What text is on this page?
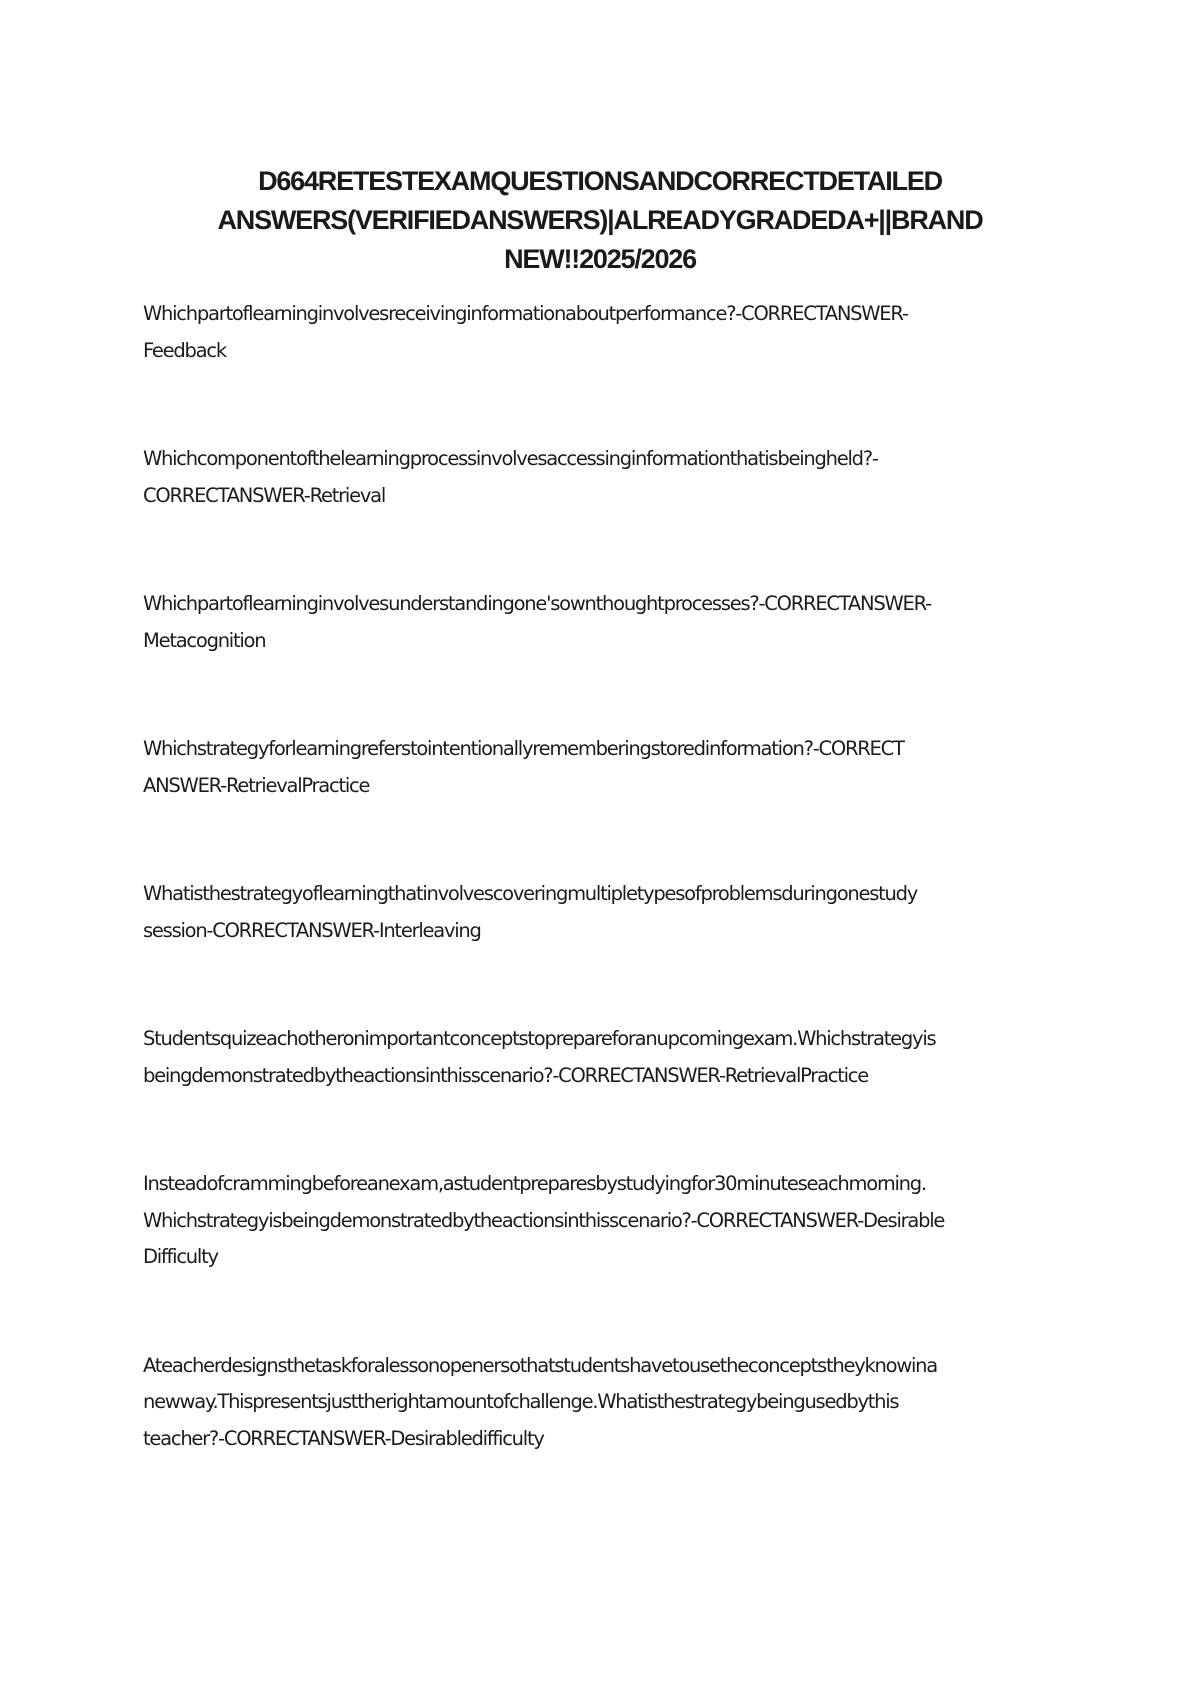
D664RETESTEXAMQUESTIONSANDCORRECTDETAILED
ANSWERS(VERIFIEDANSWERS)|ALREADYGRADEDA+||BRAND
NEW!!2025/2026
Whichpartoflearninginvolvesreceivinginformationaboutperformance?-CORRECTANSWER-
Feedback
Whichcomponentofthelearningprocessinvolvesaccessinginformationthatisbeingheld?-
CORRECTANSWER-Retrieval
Whichpartoflearninginvolvesunderstandingone'sownthoughtprocesses?-CORRECTANSWER-
Metacognition
Whichstrategyforlearningreferstointentionallyrememberingstoredinformation?-CORRECT
ANSWER-RetrievalPractice
Whatisthestrategyoflearningthatinvolvescoveringmultipletypesofproblemsduringonestudy
session-CORRECTANSWER-Interleaving
Studentsquizeachotheronimportantconceptstoprepareforanupcomingexam.Whichstrategyis
beingdemonstratedbytheactionsinthisscenario?-CORRECTANSWER-RetrievalPractice
Insteadofcrammingbeforeanexam,astudentpreparesbystudyingfor30minuteseachmorning.
Whichstrategyisbeingdemonstratedbytheactionsinthisscenario?-CORRECTANSWER-Desirable
Difficulty
Ateacherdesignsthetaskforalessonopenersothatstudentshavetousetheconceptstheyknowina
newway.Thispresentsjusttherightamountofchallenge.Whatisthestrategybeingusedbythis
teacher?-CORRECTANSWER-Desirabledifficulty
